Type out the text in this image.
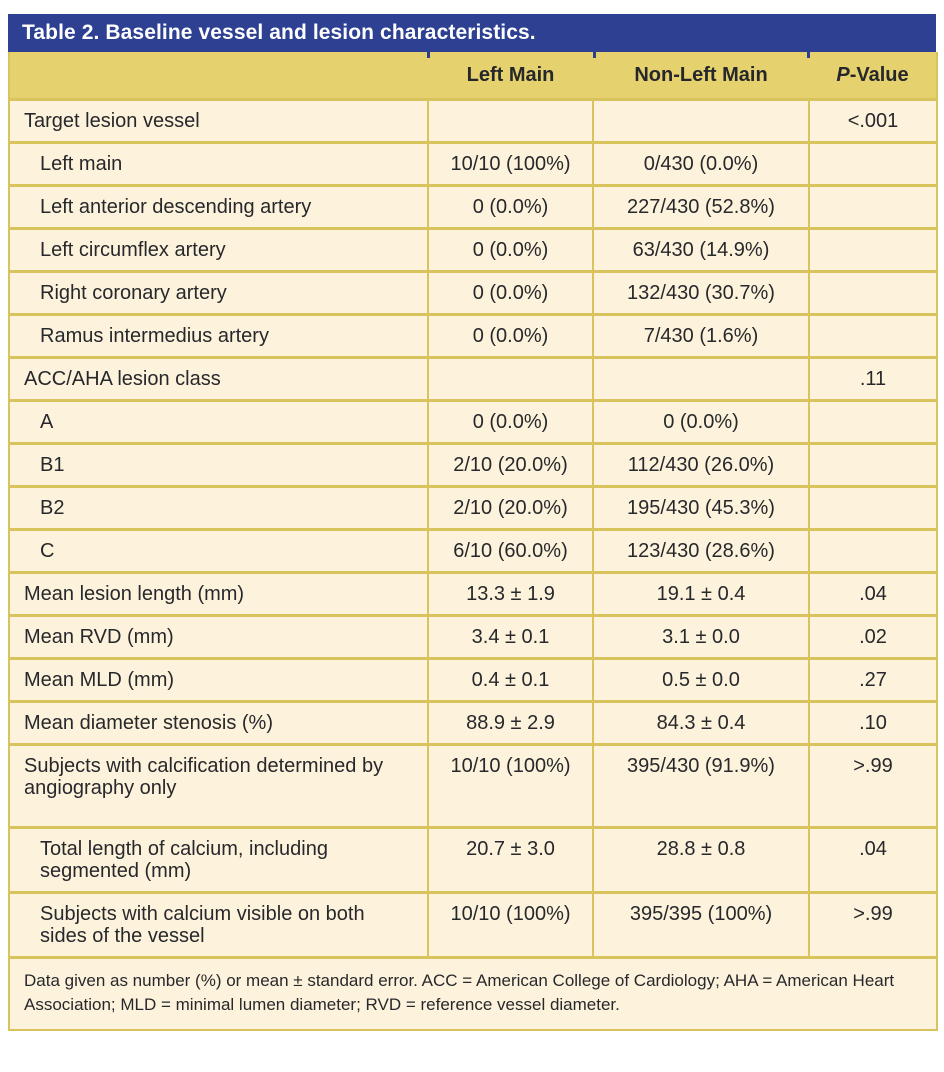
Table 2. Baseline vessel and lesion characteristics.
	Left Main	Non-Left Main	P-Value
Target lesion vessel			<.001
Left main	10/10 (100%)	0/430 (0.0%)	
Left anterior descending artery	0 (0.0%)	227/430 (52.8%)	
Left circumflex artery	0 (0.0%)	63/430 (14.9%)	
Right coronary artery	0 (0.0%)	132/430 (30.7%)	
Ramus intermedius artery	0 (0.0%)	7/430 (1.6%)	
ACC/AHA lesion class			.11
A	0 (0.0%)	0 (0.0%)	
B1	2/10 (20.0%)	112/430 (26.0%)	
B2	2/10 (20.0%)	195/430 (45.3%)	
C	6/10 (60.0%)	123/430 (28.6%)	
Mean lesion length (mm)	13.3 ± 1.9	19.1 ± 0.4	.04
Mean RVD (mm)	3.4 ± 0.1	3.1 ± 0.0	.02
Mean MLD (mm)	0.4 ± 0.1	0.5 ± 0.0	.27
Mean diameter stenosis (%)	88.9 ± 2.9	84.3 ± 0.4	.10
Subjects with calcification determined by angiography only	10/10 (100%)	395/430 (91.9%)	>.99
Total length of calcium, including segmented (mm)	20.7 ± 3.0	28.8 ± 0.8	.04
Subjects with calcium visible on both sides of the vessel	10/10 (100%)	395/395 (100%)	>.99
Data given as number (%) or mean ± standard error. ACC = American College of Cardiology; AHA = American Heart Association; MLD = minimal lumen diameter; RVD = reference vessel diameter.			
